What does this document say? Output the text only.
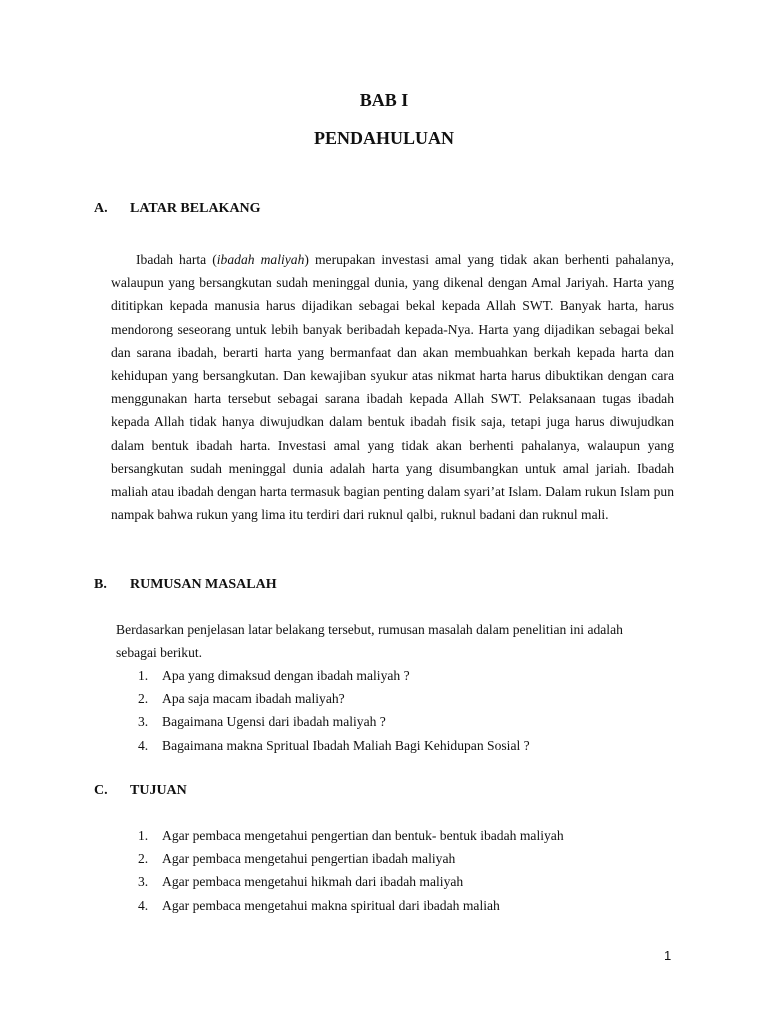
BAB I
PENDAHULUAN
A. LATAR BELAKANG

Ibadah harta (ibadah maliyah) merupakan investasi amal yang tidak akan berhenti pahalanya, walaupun yang bersangkutan sudah meninggal dunia, yang dikenal dengan Amal Jariyah. Harta yang dititipkan kepada manusia harus dijadikan sebagai bekal kepada Allah SWT. Banyak harta, harus mendorong seseorang untuk lebih banyak beribadah kepada-Nya. Harta yang dijadikan sebagai bekal dan sarana ibadah, berarti harta yang bermanfaat dan akan membuahkan berkah kepada harta dan kehidupan yang bersangkutan. Dan kewajiban syukur atas nikmat harta harus dibuktikan dengan cara menggunakan harta tersebut sebagai sarana ibadah kepada Allah SWT. Pelaksanaan tugas ibadah kepada Allah tidak hanya diwujudkan dalam bentuk ibadah fisik saja, tetapi juga harus diwujudkan dalam bentuk ibadah harta. Investasi amal yang tidak akan berhenti pahalanya, walaupun yang bersangkutan sudah meninggal dunia adalah harta yang disumbangkan untuk amal jariah. Ibadah maliah atau ibadah dengan harta termasuk bagian penting dalam syari’at Islam. Dalam rukun Islam pun nampak bahwa rukun yang lima itu terdiri dari ruknul qalbi, ruknul badani dan ruknul mali.

B. RUMUSAN MASALAH

Berdasarkan penjelasan latar belakang tersebut, rumusan masalah dalam penelitian ini adalah
sebagai berikut.

1. Apa yang dimaksud dengan ibadah maliyah ?
2. Apa saja macam ibadah maliyah?
3. Bagaimana Ugensi dari ibadah maliyah ?
4. Bagaimana makna Spritual Ibadah Maliah Bagi Kehidupan Sosial ?
C. TUJUAN
1. Agar pembaca mengetahui pengertian dan bentuk- bentuk ibadah maliyah
2. Agar pembaca mengetahui pengertian ibadah maliyah
3. Agar pembaca mengetahui hikmah dari ibadah maliyah
4. Agar pembaca mengetahui makna spiritual dari ibadah maliah
1
